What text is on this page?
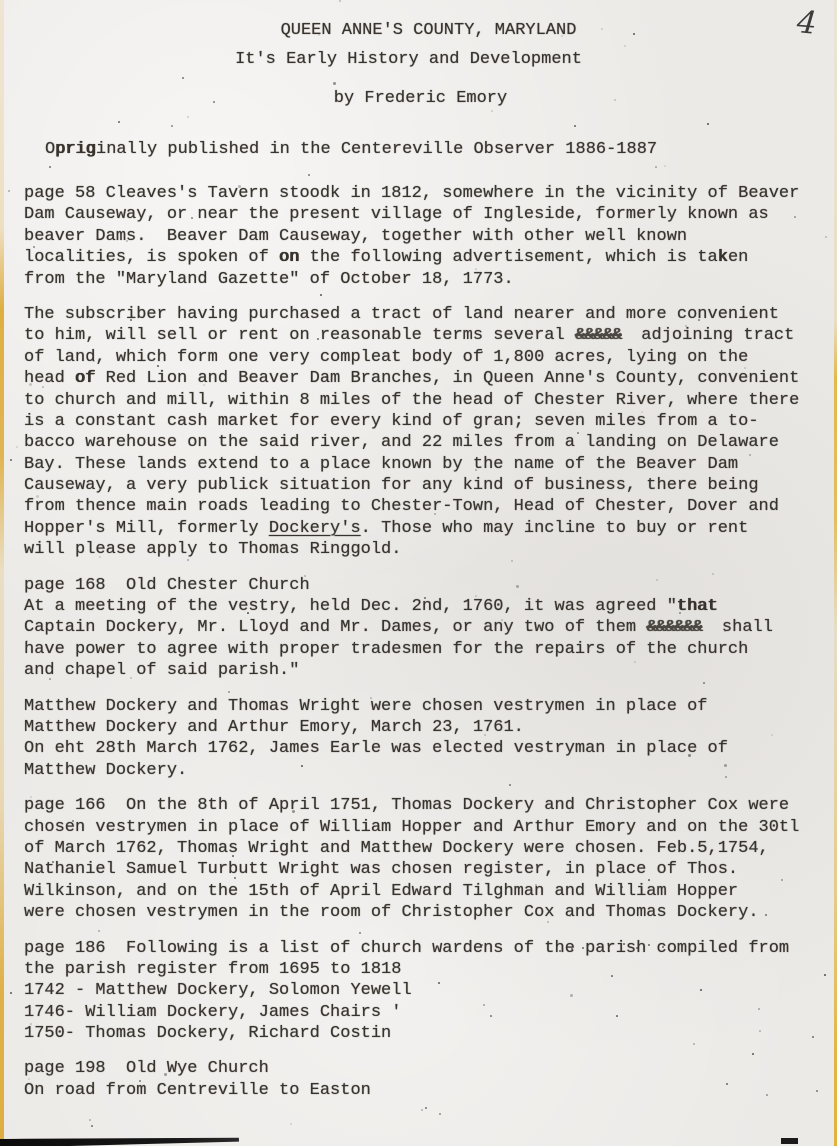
4
QUEEN ANNE'S COUNTY, MARYLAND
It's Early History and Development
by Frederic Emory
Opriginally published in the Centereville Observer 1886-1887
page 58 Cleaves's Tavern stoodk in 1812, somewhere in the vicinity of Beaver
Dam Causeway, or near the present village of Ingleside, formerly known as
beaver Dams.  Beaver Dam Causeway, together with other well known
localities, is spoken of on the following advertisement, which is taken
from the "Maryland Gazette" of October 18, 1773.
The subscriber having purchased a tract of land nearer and more convenient
to him, will sell or rent on reasonable terms several &&&&&  adjoining tract
of land, which form one very compleat body of 1,800 acres, lying on the
head of Red Lion and Beaver Dam Branches, in Queen Anne's County, convenient
to church and mill, within 8 miles of the head of Chester River, where there
is a constant cash market for every kind of gran; seven miles from a to-
bacco warehouse on the said river, and 22 miles from a landing on Delaware
Bay. These lands extend to a place known by the name of the Beaver Dam
Causeway, a very publick situation for any kind of business, there being
from thence main roads leading to Chester-Town, Head of Chester, Dover and
Hopper's Mill, formerly Dockery's. Those who may incline to buy or rent
will please apply to Thomas Ringgold.
page 168  Old Chester Church
At a meeting of the vestry, held Dec. 2nd, 1760, it was agreed "that
Captain Dockery, Mr. Lloyd and Mr. Dames, or any two of them &&&&&&  shall
have power to agree with proper tradesmen for the repairs of the church
and chapel of said parish."
Matthew Dockery and Thomas Wright were chosen vestrymen in place of
Matthew Dockery and Arthur Emory, March 23, 1761.
On eht 28th March 1762, James Earle was elected vestryman in place of
Matthew Dockery.
page 166  On the 8th of April 1751, Thomas Dockery and Christopher Cox were
chosen vestrymen in place of William Hopper and Arthur Emory and on the 30tl
of March 1762, Thomas Wright and Matthew Dockery were chosen. Feb.5,1754,
Nathaniel Samuel Turbutt Wright was chosen register, in place of Thos.
Wilkinson, and on the 15th of April Edward Tilghman and William Hopper
were chosen vestrymen in the room of Christopher Cox and Thomas Dockery.
page 186  Following is a list of church wardens of the parish compiled from
the parish register from 1695 to 1818
1742 - Matthew Dockery, Solomon Yewell
1746- William Dockery, James Chairs '
1750- Thomas Dockery, Richard Costin
page 198  Old Wye Church
On road from Centreville to Easton
